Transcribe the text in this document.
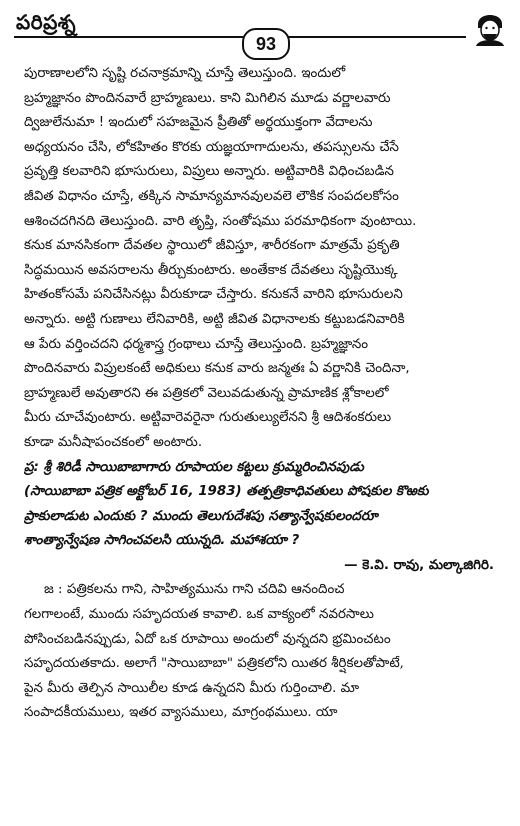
పరిప్రశ్న
93

పురాణాలలోని సృష్టి రచనాక్రమాన్ని చూస్తే తెలుస్తుంది. ఇందులో

బ్రహ్మజ్ఞానం పొందినవారే బ్రాహ్మణులు. కాని మిగిలిన మూడు వర్ణాలవారు

ద్విజులేనుమా ! ఇందులో సహజమైన ప్రీతితో అర్థయుక్తంగా వేదాలను

అధ్యయనం చేసి, లోకహితం కొరకు యజ్ఞయాగాదులను, తపస్సులను చేసే

ప్రవృత్తి కలవారిని భూసురులు, విప్రులు అన్నారు. అట్టివారికి విధించబడిన

జీవిత విధానం చూస్తే, తక్కిన సామాన్యమానవులవలె లౌకిక సంపదలకోసం

ఆశించదగినది తెలుస్తుంది. వారి తృప్తి, సంతోషము పరమాధికంగా వుంటాయి.

కనుక మానసికంగా దేవతల స్థాయిలో జీవిస్తూ, శారీరకంగా మాత్రమే ప్రకృతి

సిద్ధమయిన అవసరాలను తీర్చుకుంటారు. అంతేకాక దేవతలు సృష్టియొక్క

హితంకోసమే పనిచేసినట్లు వీరుకూడా చేస్తారు. కనుకనే వారిని భూసురులని

అన్నారు. అట్టి గుణాలు లేనివారికి, అట్టి జీవిత విధానాలకు కట్టుబడనివారికి

ఆ పేరు వర్తించదని ధర్మశాస్త్ర గ్రంథాలు చూస్తే తెలుస్తుంది. బ్రహ్మజ్ఞానం

పొందినవారు విప్రులకంటే అధికులు కనుక వారు జన్మతః ఏ వర్ణానికి చెందినా,

బ్రాహ్మణులే అవుతారని ఈ పత్రికలో వెలువడుతున్న ప్రామాణిక శ్లోకాలలో

మీరు చూచేవుంటారు. అట్టివారెవరైనా గురుతుల్యులేనని శ్రీ ఆదిశంకరులు

కూడా మనీషాపంచకంలో అంటారు.

ప్ర: శ్రీ శిరిడీ సాయిబాబాగారు రూపాయల కట్టలు క్రుమ్మరించినపుడు

(సాయిబాబా పత్రిక అక్టోబర్ 16, 1983) తత్పత్రికాధివతులు పోషకుల కొఱకు

ప్రాకులాడుట ఎందుకు ? ముందు తెలుగుదేశపు సత్యాన్వేషకులందరూ

శాంత్యాన్వేషణ సాగించవలసి యున్నది. మహాశయా ?

— కె.వి. రావు, మల్కాజిగిరి.

జ : పత్రికలను గాని, సాహిత్యమును గాని చదివి ఆనందించ

గలగాలంటే, ముందు సహృదయత కావాలి. ఒక వాక్యంలో నవరసాలు

పోసించబడినప్పుడు, ఏదో ఒక రూపాయి అందులో వున్నదని భ్రమించటం

సహృదయతకాదు. అలాగే "సాయిబాబా" పత్రికలోని యితర శీర్షికలతోపాటే,

పైన మీరు తెల్పిన సాయిలీల కూడ ఉన్నదని మీరు గుర్తించాలి. మా

సంపాదకీయములు, ఇతర వ్యాసములు, మాగ్రంథములు. యా
